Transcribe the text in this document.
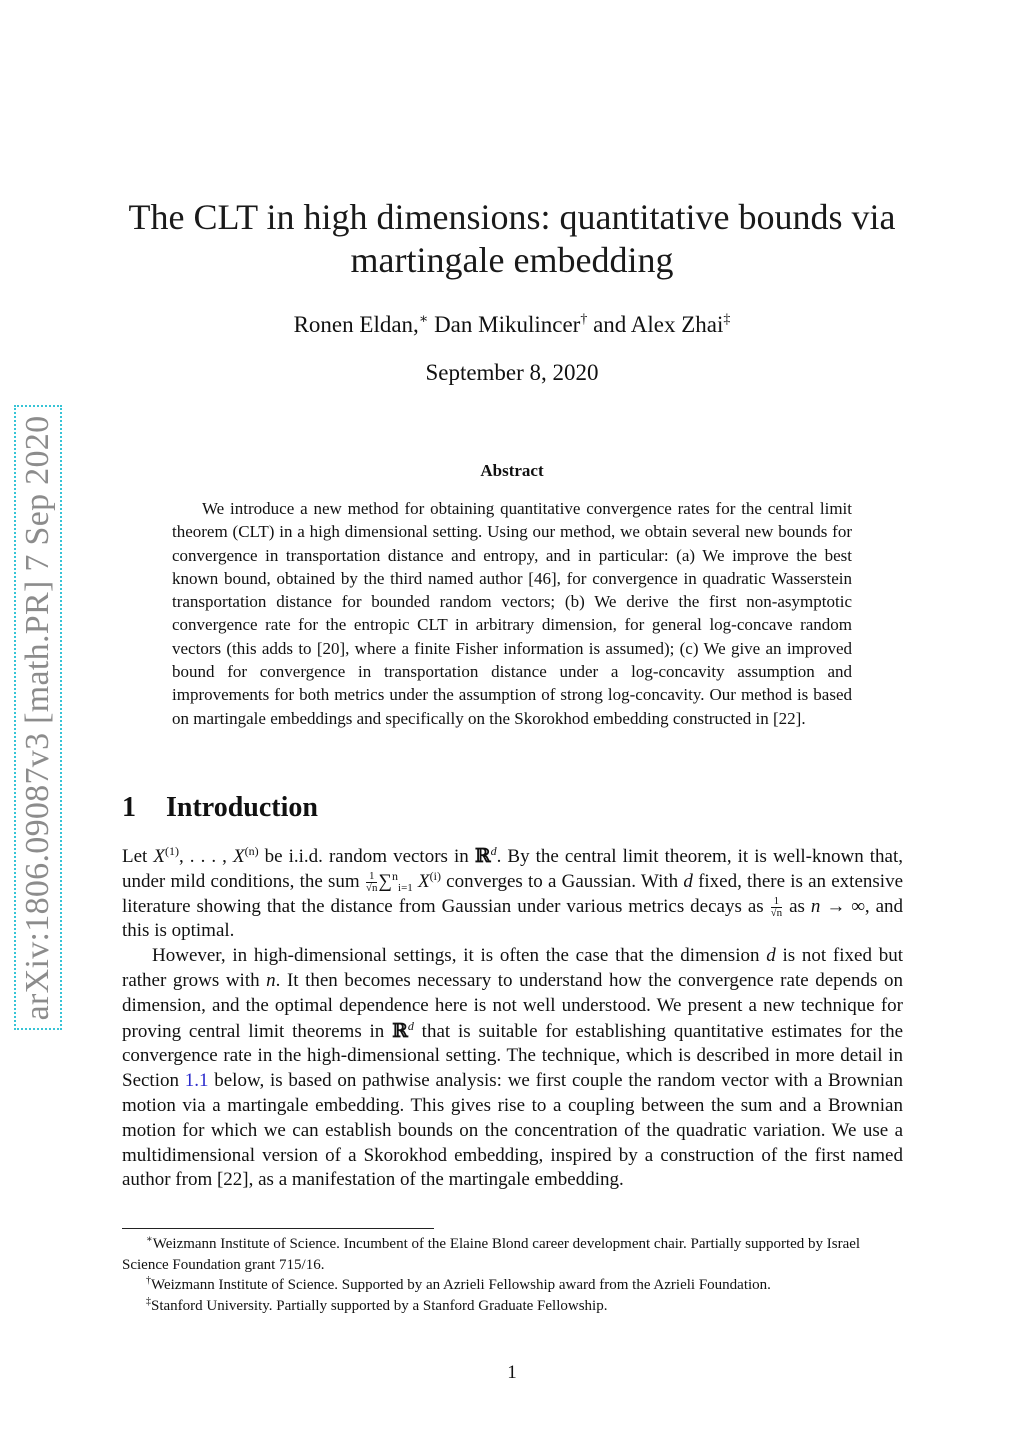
arXiv:1806.09087v3 [math.PR] 7 Sep 2020
The CLT in high dimensions: quantitative bounds via martingale embedding
Ronen Eldan,∗ Dan Mikulincer† and Alex Zhai‡
September 8, 2020
Abstract
We introduce a new method for obtaining quantitative convergence rates for the central limit theorem (CLT) in a high dimensional setting. Using our method, we obtain several new bounds for convergence in transportation distance and entropy, and in particular: (a) We improve the best known bound, obtained by the third named author [46], for convergence in quadratic Wasserstein transportation distance for bounded random vectors; (b) We derive the first non-asymptotic convergence rate for the entropic CLT in arbitrary dimension, for general log-concave random vectors (this adds to [20], where a finite Fisher information is assumed); (c) We give an improved bound for convergence in transportation distance under a log-concavity assumption and improvements for both metrics under the assumption of strong log-concavity. Our method is based on martingale embeddings and specifically on the Skorokhod embedding constructed in [22].
1 Introduction

Let $X^{(1)}$, . . . , $X^{(n)}$ be i.i.d. random vectors in ℝ$^d$. By the central limit theorem, it is well-known that, under mild conditions, the sum $\frac{1}{√n} \sum^n_{i=1}$ $X^{(i)}$ converges to a Gaussian. With d fixed, there is an extensive literature showing that the distance from Gaussian under various metrics decays as $\frac{1}{√n}$ as n → ∞, and this is optimal.

However, in high-dimensional settings, it is often the case that the dimension d is not fixed but rather grows with n. It then becomes necessary to understand how the convergence rate depends on dimension, and the optimal dependence here is not well understood. We present a new technique for proving central limit theorems in ℝ$^d$ that is suitable for establishing quantitative estimates for the convergence rate in the high-dimensional setting. The technique, which is described in more detail in Section 1.1 below, is based on pathwise analysis: we first couple the random vector with a Brownian motion via a martingale embedding. This gives rise to a coupling between the sum and a Brownian motion for which we can establish bounds on the concentration of the quadratic variation. We use a multidimensional version of a Skorokhod embedding, inspired by a construction of the first named author from [22], as a manifestation of the martingale embedding.

∗Weizmann Institute of Science. Incumbent of the Elaine Blond career development chair. Partially supported by Israel Science Foundation grant 715/16.

†Weizmann Institute of Science. Supported by an Azrieli Fellowship award from the Azrieli Foundation.

‡Stanford University. Partially supported by a Stanford Graduate Fellowship.

1
